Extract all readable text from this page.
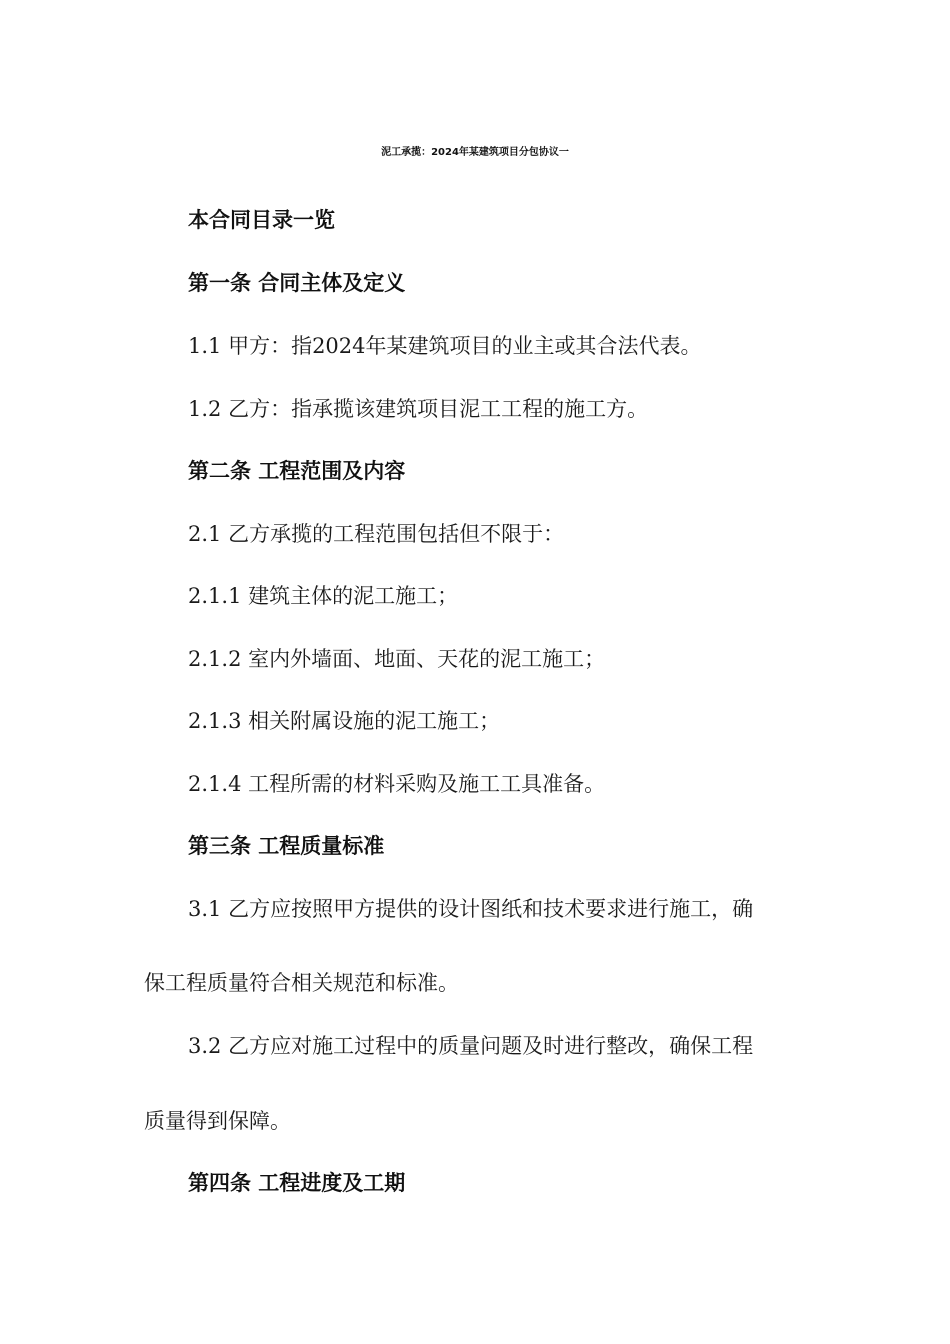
泥工承揽：2024年某建筑项目分包协议一
本合同目录一览
第一条 合同主体及定义
1.1 甲方：指2024年某建筑项目的业主或其合法代表。
1.2 乙方：指承揽该建筑项目泥工工程的施工方。
第二条 工程范围及内容
2.1 乙方承揽的工程范围包括但不限于：
2.1.1 建筑主体的泥工施工；
2.1.2 室内外墙面、地面、天花的泥工施工；
2.1.3 相关附属设施的泥工施工；
2.1.4 工程所需的材料采购及施工工具准备。
第三条 工程质量标准
3.1 乙方应按照甲方提供的设计图纸和技术要求进行施工，确
保工程质量符合相关规范和标准。
3.2 乙方应对施工过程中的质量问题及时进行整改，确保工程
质量得到保障。
第四条 工程进度及工期
